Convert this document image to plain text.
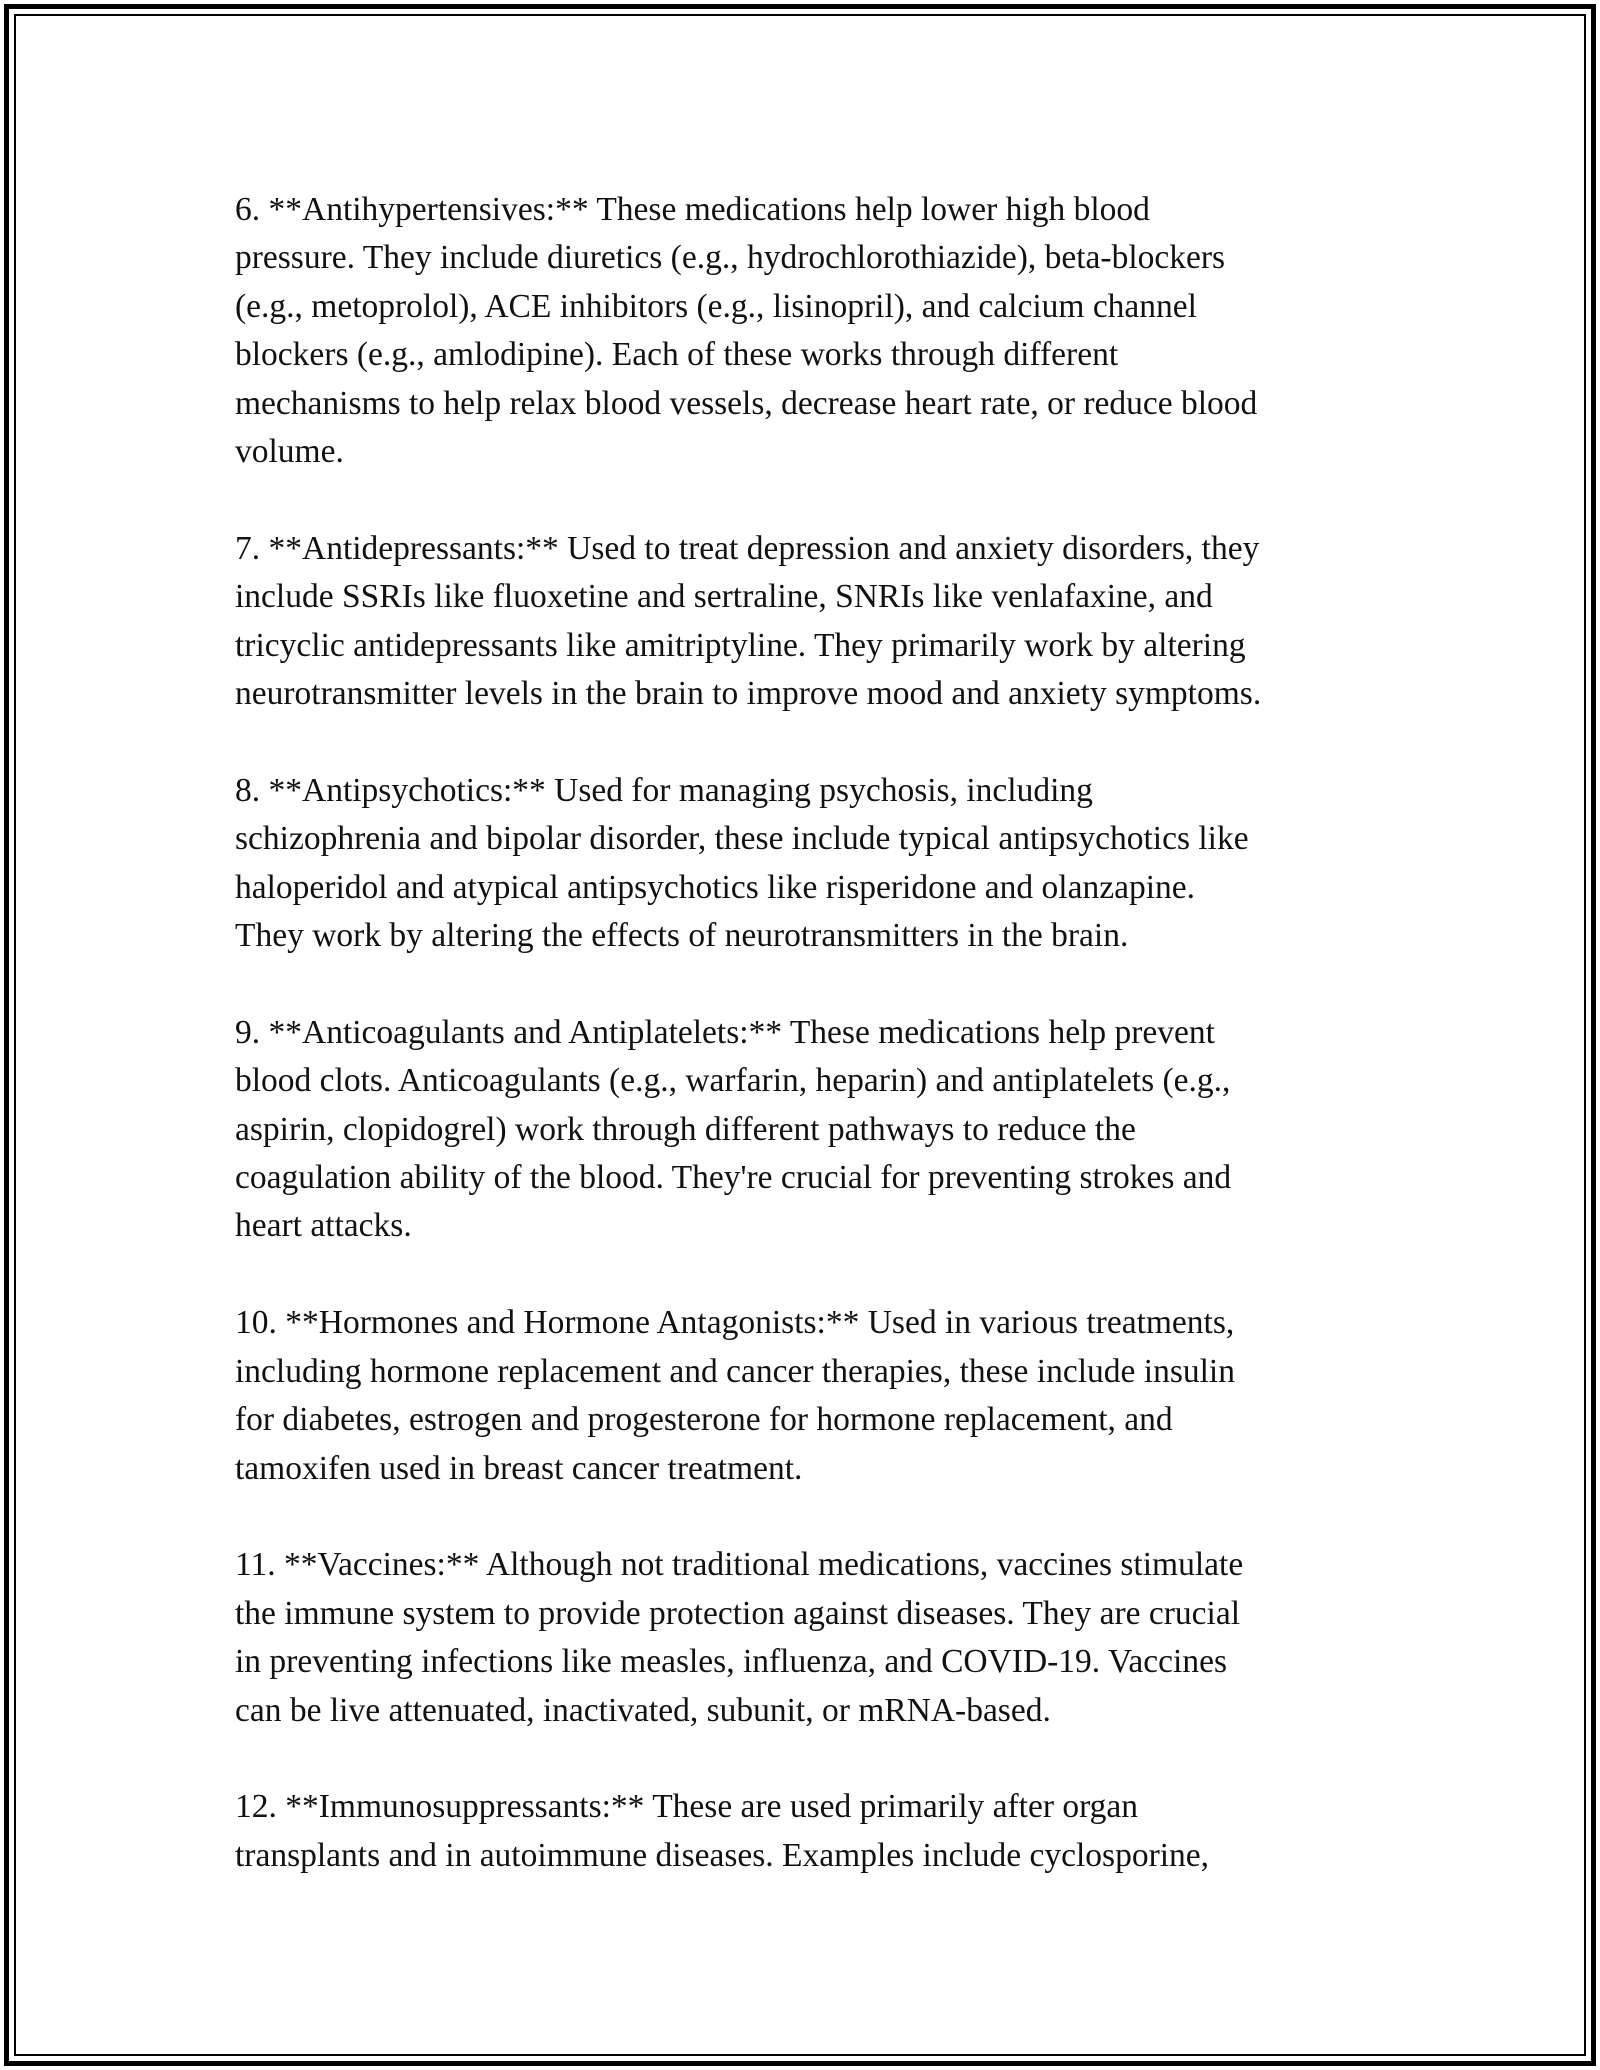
6. **Antihypertensives:** These medications help lower high blood
pressure. They include diuretics (e.g., hydrochlorothiazide), beta-blockers
(e.g., metoprolol), ACE inhibitors (e.g., lisinopril), and calcium channel
blockers (e.g., amlodipine). Each of these works through different
mechanisms to help relax blood vessels, decrease heart rate, or reduce blood
volume.

7. **Antidepressants:** Used to treat depression and anxiety disorders, they
include SSRIs like fluoxetine and sertraline, SNRIs like venlafaxine, and
tricyclic antidepressants like amitriptyline. They primarily work by altering
neurotransmitter levels in the brain to improve mood and anxiety symptoms.

8. **Antipsychotics:** Used for managing psychosis, including
schizophrenia and bipolar disorder, these include typical antipsychotics like
haloperidol and atypical antipsychotics like risperidone and olanzapine.
They work by altering the effects of neurotransmitters in the brain.

9. **Anticoagulants and Antiplatelets:** These medications help prevent
blood clots. Anticoagulants (e.g., warfarin, heparin) and antiplatelets (e.g.,
aspirin, clopidogrel) work through different pathways to reduce the
coagulation ability of the blood. They're crucial for preventing strokes and
heart attacks.

10. **Hormones and Hormone Antagonists:** Used in various treatments,
including hormone replacement and cancer therapies, these include insulin
for diabetes, estrogen and progesterone for hormone replacement, and
tamoxifen used in breast cancer treatment.

11. **Vaccines:** Although not traditional medications, vaccines stimulate
the immune system to provide protection against diseases. They are crucial
in preventing infections like measles, influenza, and COVID-19. Vaccines
can be live attenuated, inactivated, subunit, or mRNA-based.

12. **Immunosuppressants:** These are used primarily after organ
transplants and in autoimmune diseases. Examples include cyclosporine,
